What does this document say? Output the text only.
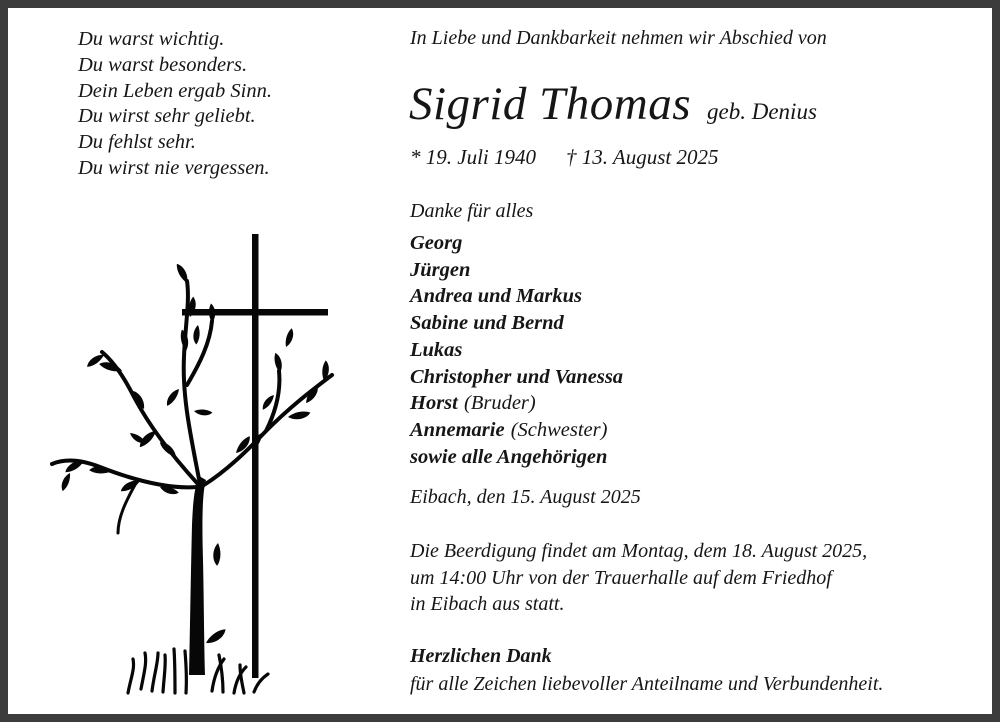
Du warst wichtig.
Du warst besonders.
Dein Leben ergab Sinn.
Du wirst sehr geliebt.
Du fehlst sehr.
Du wirst nie vergessen.
In Liebe und Dankbarkeit nehmen wir Abschied von
Sigrid Thomas geb. Denius
* 19. Juli 1940 † 13. August 2025
Danke für alles
Georg
Jürgen
Andrea und Markus
Sabine und Bernd
Lukas
Christopher und Vanessa
Horst (Bruder)
Annemarie (Schwester)
sowie alle Angehörigen
Eibach, den 15. August 2025
Die Beerdigung findet am Montag, dem 18. August 2025,
um 14:00 Uhr von der Trauerhalle auf dem Friedhof
in Eibach aus statt.
Herzlichen Dank
für alle Zeichen liebevoller Anteilname und Verbundenheit.
